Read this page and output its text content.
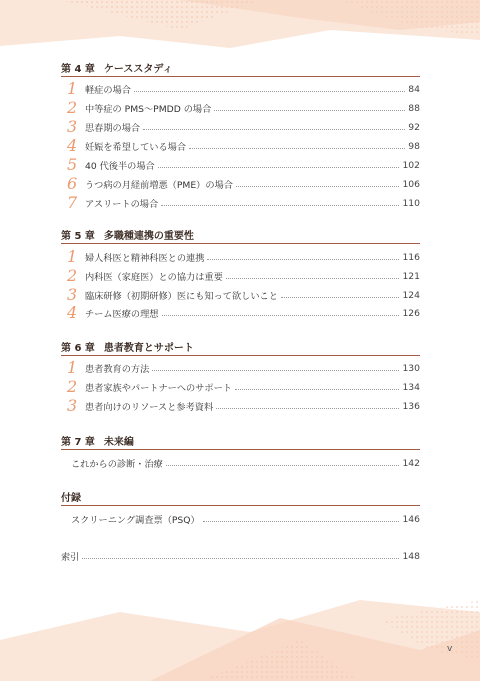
第 4 章 ケーススタディ
1 軽症の場合	84
2 中等症の PMS〜PMDD の場合	88
3 思春期の場合	92
4 妊娠を希望している場合	98
5 40 代後半の場合	102
6 うつ病の月経前増悪（PME）の場合	106
7 アスリートの場合	110
第 5 章 多職種連携の重要性
1 婦人科医と精神科医との連携	116
2 内科医（家庭医）との協力は重要	121
3 臨床研修（初期研修）医にも知って欲しいこと	124
4 チーム医療の理想	126
第 6 章 患者教育とサポート
1 患者教育の方法	130
2 患者家族やパートナーへのサポート	134
3 患者向けのリソースと参考資料	136
第 7 章 未来編
これからの診断・治療	142
付録
スクリーニング調査票（PSQ）	146
索引	148
v
